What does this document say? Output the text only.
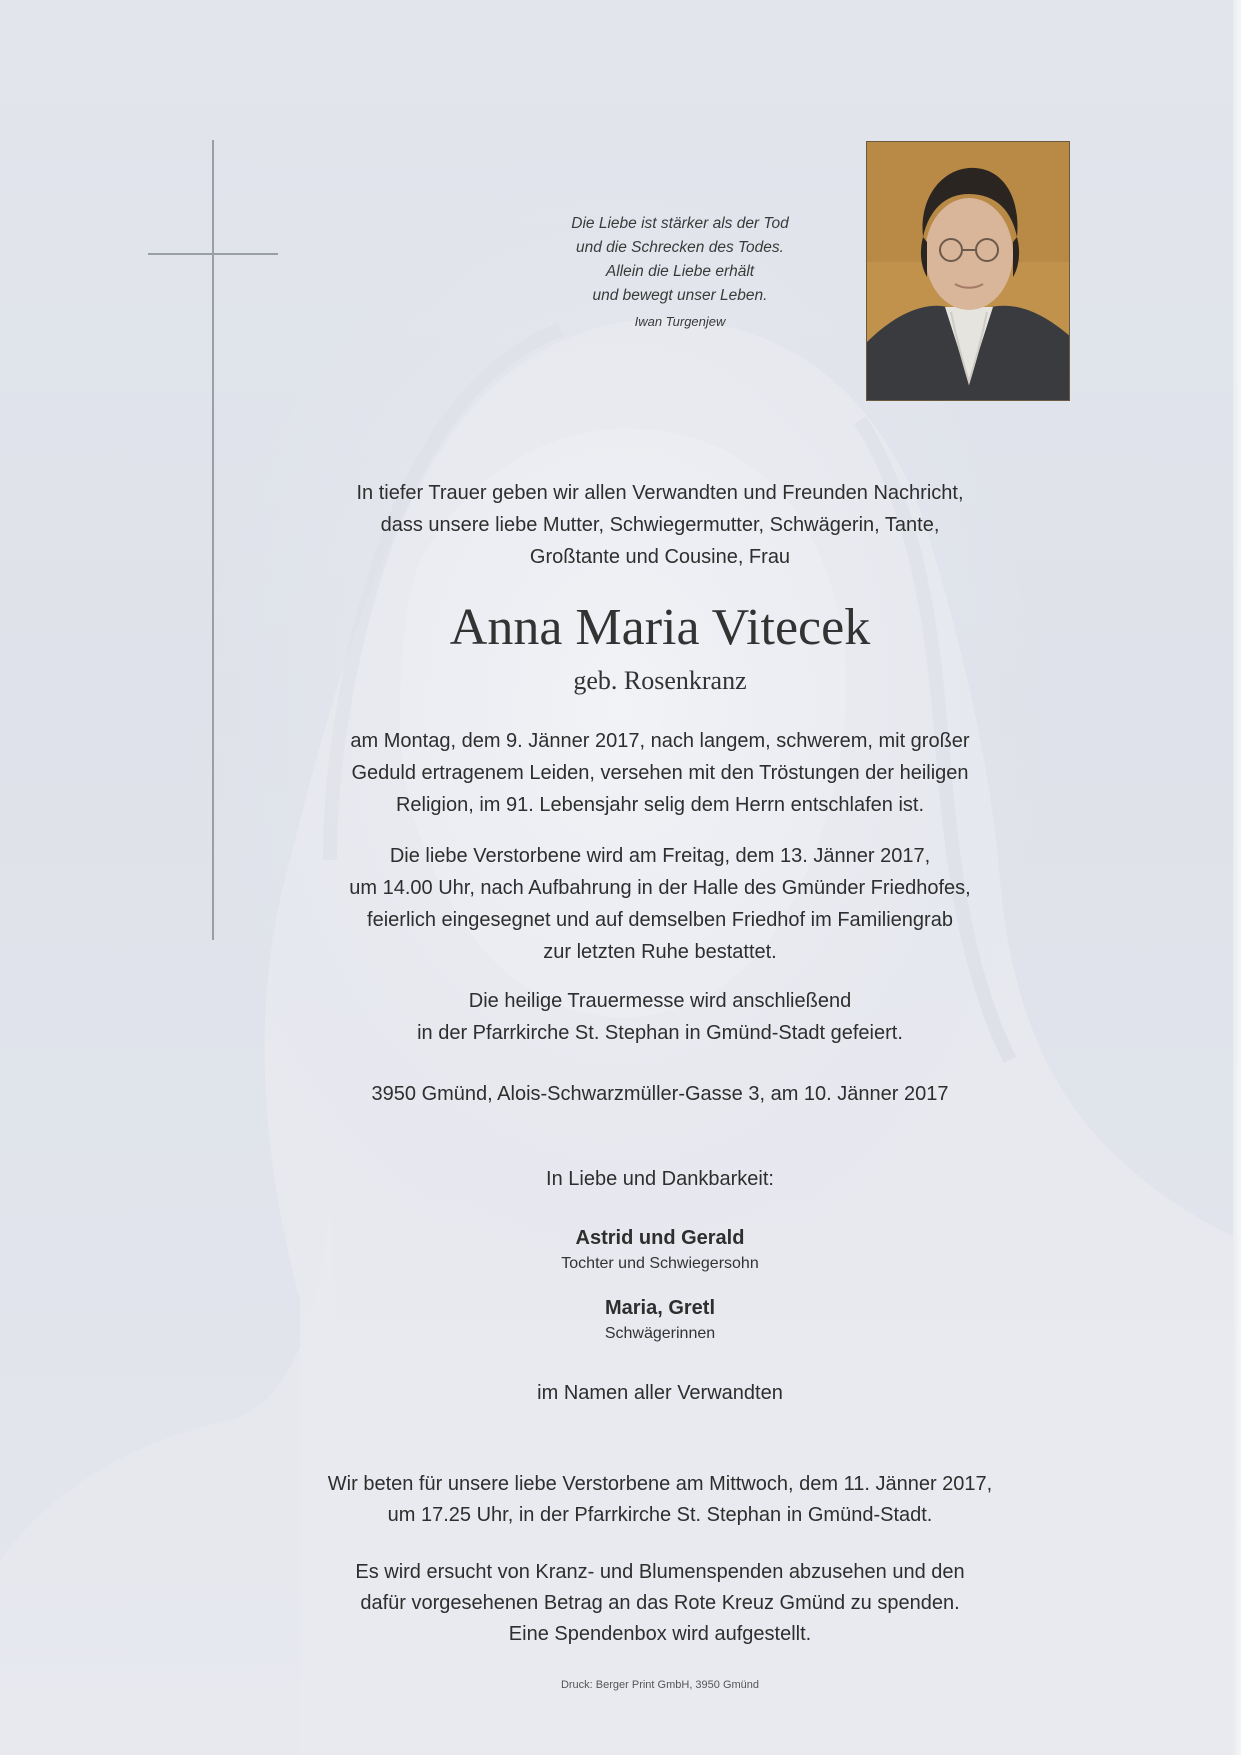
Die Liebe ist stärker als der Tod
und die Schrecken des Todes.
Allein die Liebe erhält
und bewegt unser Leben.
Iwan Turgenjew
In tiefer Trauer geben wir allen Verwandten und Freunden Nachricht,
dass unsere liebe Mutter, Schwiegermutter, Schwägerin, Tante,
Großtante und Cousine, Frau
Anna Maria Vitecek
geb. Rosenkranz
am Montag, dem 9. Jänner 2017, nach langem, schwerem, mit großer
Geduld ertragenem Leiden, versehen mit den Tröstungen der heiligen
Religion, im 91. Lebensjahr selig dem Herrn entschlafen ist.
Die liebe Verstorbene wird am Freitag, dem 13. Jänner 2017,
um 14.00 Uhr, nach Aufbahrung in der Halle des Gmünder Friedhofes,
feierlich eingesegnet und auf demselben Friedhof im Familiengrab
zur letzten Ruhe bestattet.
Die heilige Trauermesse wird anschließend
in der Pfarrkirche St. Stephan in Gmünd-Stadt gefeiert.
3950 Gmünd, Alois-Schwarzmüller-Gasse 3, am 10. Jänner 2017
In Liebe und Dankbarkeit:
Astrid und Gerald
Tochter und Schwiegersohn
Maria, Gretl
Schwägerinnen
im Namen aller Verwandten
Wir beten für unsere liebe Verstorbene am Mittwoch, dem 11. Jänner 2017,
um 17.25 Uhr, in der Pfarrkirche St. Stephan in Gmünd-Stadt.
Es wird ersucht von Kranz- und Blumenspenden abzusehen und den
dafür vorgesehenen Betrag an das Rote Kreuz Gmünd zu spenden.
Eine Spendenbox wird aufgestellt.
Druck: Berger Print GmbH, 3950 Gmünd
